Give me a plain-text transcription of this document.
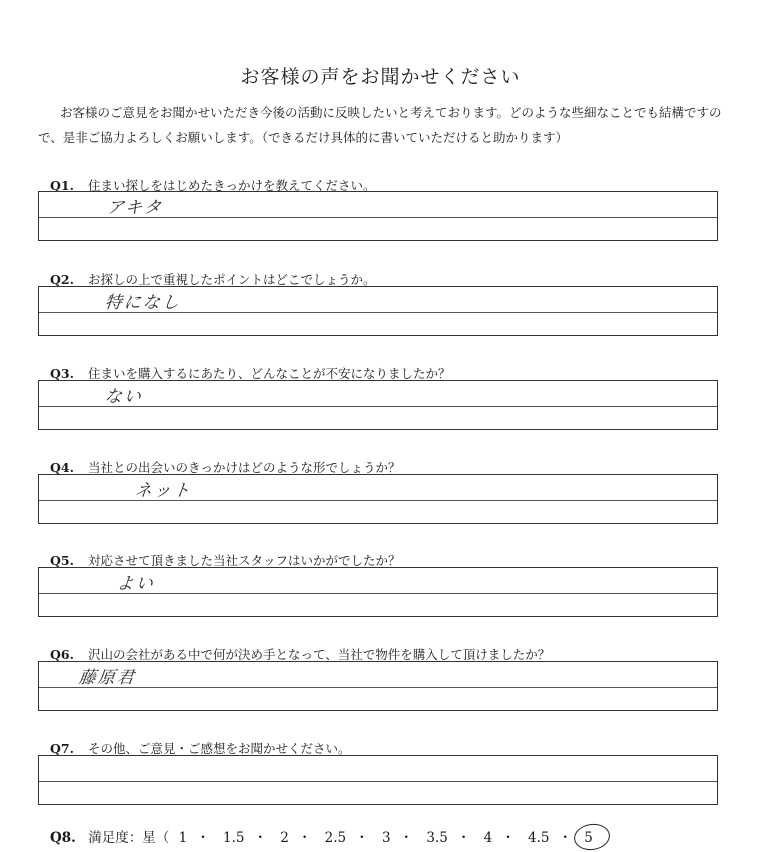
お客様の声をお聞かせください
お客様のご意見をお聞かせいただき今後の活動に反映したいと考えております。どのような些細なことでも結構ですので、是非ご協力よろしくお願いします。（できるだけ具体的に書いていただけると助かります）
Q1. 住まい探しをはじめたきっかけを教えてください。
アキタ
Q2. お探しの上で重視したポイントはどこでしょうか。
特になし
Q3. 住まいを購入するにあたり、どんなことが不安になりましたか？
ない
Q4. 当社との出会いのきっかけはどのような形でしょうか？
ネット
Q5. 対応させて頂きました当社スタッフはいかがでしたか？
よい
Q6. 沢山の会社がある中で何が決め手となって、当社で物件を購入して頂けましたか？
藤原君
Q7. その他、ご意見・ご感想をお聞かせください。
Q8. 満足度：星（ 1 ・ 1.5 ・ 2 ・ 2.5 ・ 3 ・ 3.5 ・ 4 ・ 4.5 ・ 5
